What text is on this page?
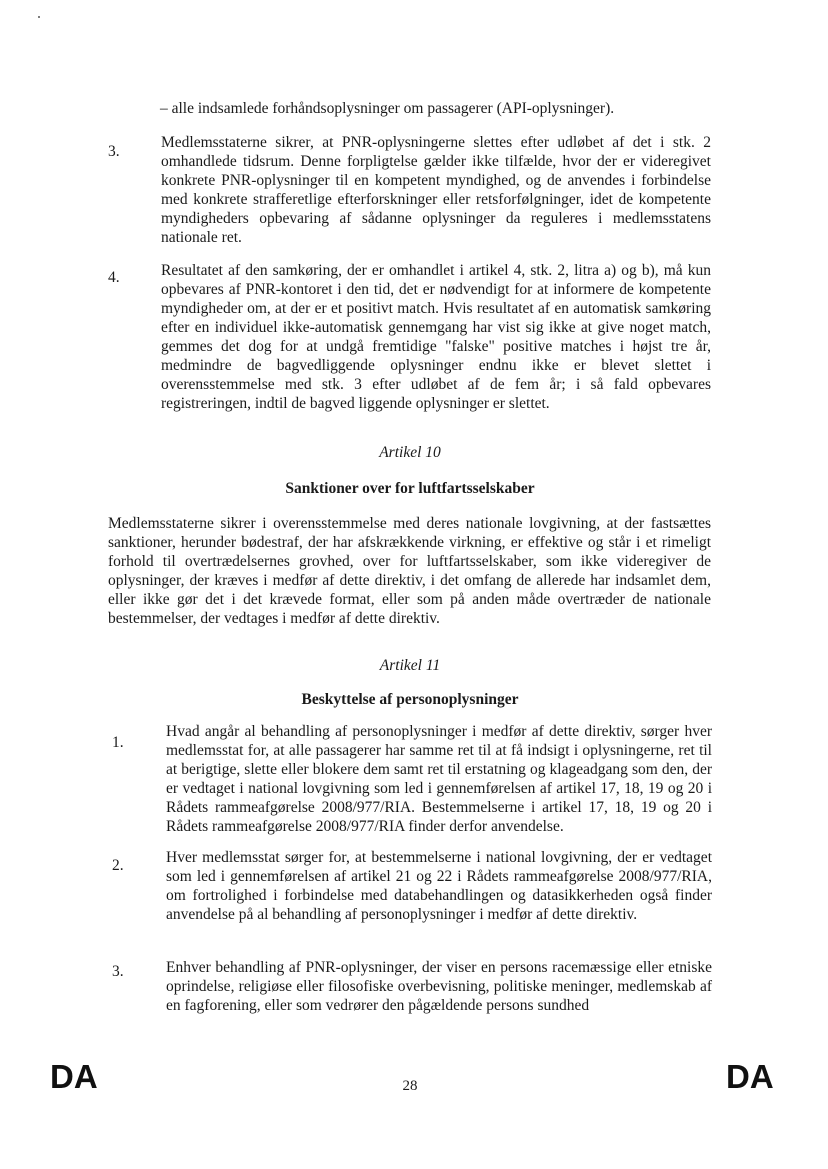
– alle indsamlede forhåndsoplysninger om passagerer (API-oplysninger).
3.
Medlemsstaterne sikrer, at PNR-oplysningerne slettes efter udløbet af det i stk. 2 omhandlede tidsrum. Denne forpligtelse gælder ikke tilfælde, hvor der er videregivet konkrete PNR-oplysninger til en kompetent myndighed, og de anvendes i forbindelse med konkrete strafferetlige efterforskninger eller retsforfølgninger, idet de kompetente myndigheders opbevaring af sådanne oplysninger da reguleres i medlemsstatens nationale ret.
4.	Resultatet af den samkøring, der er omhandlet i artikel 4, stk. 2, litra a) og b), må kun opbevares af PNR-kontoret i den tid, det er nødvendigt for at informere de kompetente myndigheder om, at der er et positivt match. Hvis resultatet af en automatisk samkøring efter en individuel ikke-automatisk gennemgang har vist sig ikke at give noget match, gemmes det dog for at undgå fremtidige "falske" positive matches i højst tre år, medmindre de bagvedliggende oplysninger endnu ikke er blevet slettet i overensstemmelse med stk. 3 efter udløbet af de fem år; i så fald opbevares registreringen, indtil de bagved liggende oplysninger er slettet.
Artikel 10
Sanktioner over for luftfartsselskaber
Medlemsstaterne sikrer i overensstemmelse med deres nationale lovgivning, at der fastsættes sanktioner, herunder bødestraf, der har afskrækkende virkning, er effektive og står i et rimeligt forhold til overtrædelsernes grovhed, over for luftfartsselskaber, som ikke videregiver de oplysninger, der kræves i medfør af dette direktiv, i det omfang de allerede har indsamlet dem, eller ikke gør det i det krævede format, eller som på anden måde overtræder de nationale bestemmelser, der vedtages i medfør af dette direktiv.
Artikel 11
Beskyttelse af personoplysninger
1.
Hvad angår al behandling af personoplysninger i medfør af dette direktiv, sørger hver medlemsstat for, at alle passagerer har samme ret til at få indsigt i oplysningerne, ret til at berigtige, slette eller blokere dem samt ret til erstatning og klageadgang som den, der er vedtaget i national lovgivning som led i gennemførelsen af artikel 17, 18, 19 og 20 i Rådets rammeafgørelse 2008/977/RIA. Bestemmelserne i artikel 17, 18, 19 og 20 i Rådets rammeafgørelse 2008/977/RIA finder derfor anvendelse.
2.	Hver medlemsstat sørger for, at bestemmelserne i national lovgivning, der er vedtaget som led i gennemførelsen af artikel 21 og 22 i Rådets rammeafgørelse 2008/977/RIA, om fortrolighed i forbindelse med databehandlingen og datasikkerheden også finder anvendelse på al behandling af personoplysninger i medfør af dette direktiv.
3.	Enhver behandling af PNR-oplysninger, der viser en persons racemæssige eller etniske oprindelse, religiøse eller filosofiske overbevisning, politiske meninger, medlemskab af en fagforening, eller som vedrører den pågældende persons sundhed
DA	28	DA
